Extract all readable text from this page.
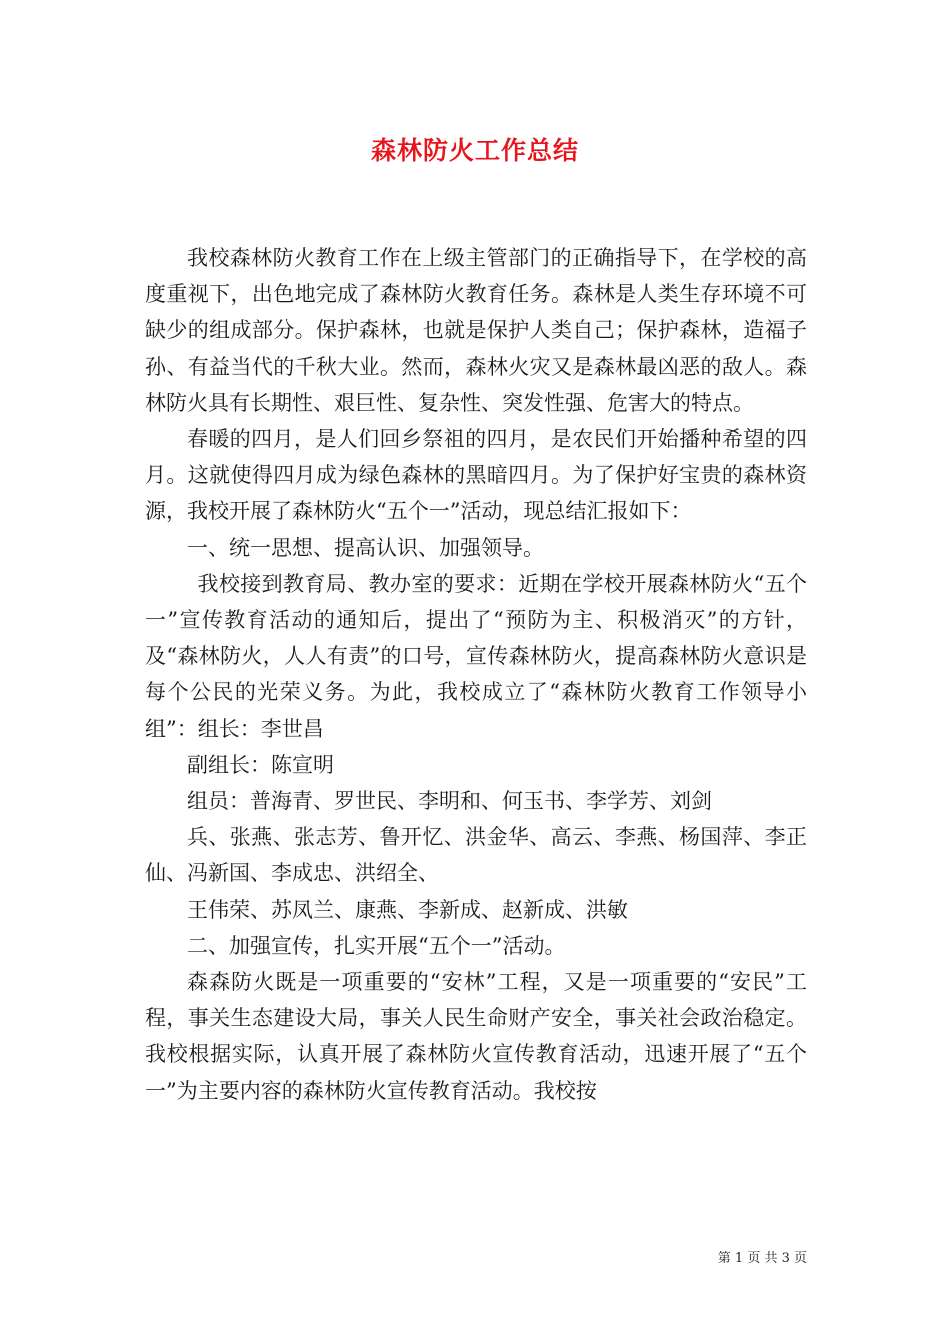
森林防火工作总结

我校森林防火教育工作在上级主管部门的正确指导下，在学校的高度重视下，出色地完成了森林防火教育任务。森林是人类生存环境不可缺少的组成部分。保护森林，也就是保护人类自己；保护森林，造福子孙、有益当代的千秋大业。然而，森林火灾又是森林最凶恶的敌人。森林防火具有长期性、艰巨性、复杂性、突发性强、危害大的特点。

春暖的四月，是人们回乡祭祖的四月，是农民们开始播种希望的四月。这就使得四月成为绿色森林的黑暗四月。为了保护好宝贵的森林资源，我校开展了森林防火“五个一”活动，现总结汇报如下：

一、统一思想、提高认识、加强领导。

我校接到教育局、教办室的要求：近期在学校开展森林防火“五个一”宣传教育活动的通知后，提出了“预防为主、积极消灭”的方针，及“森林防火，人人有责”的口号，宣传森林防火，提高森林防火意识是每个公民的光荣义务。为此，我校成立了“森林防火教育工作领导小组”：组长：李世昌

副组长：陈宣明

组员：普海青、罗世民、李明和、何玉书、李学芳、刘剑

兵、张燕、张志芳、鲁开忆、洪金华、高云、李燕、杨国萍、李正仙、冯新国、李成忠、洪绍全、

王伟荣、苏凤兰、康燕、李新成、赵新成、洪敏

二、加强宣传，扎实开展“五个一”活动。

森森防火既是一项重要的“安林”工程，又是一项重要的“安民”工程，事关生态建设大局，事关人民生命财产安全，事关社会政治稳定。我校根据实际，认真开展了森林防火宣传教育活动，迅速开展了“五个一”为主要内容的森林防火宣传教育活动。我校按

第 1 页 共 3 页
